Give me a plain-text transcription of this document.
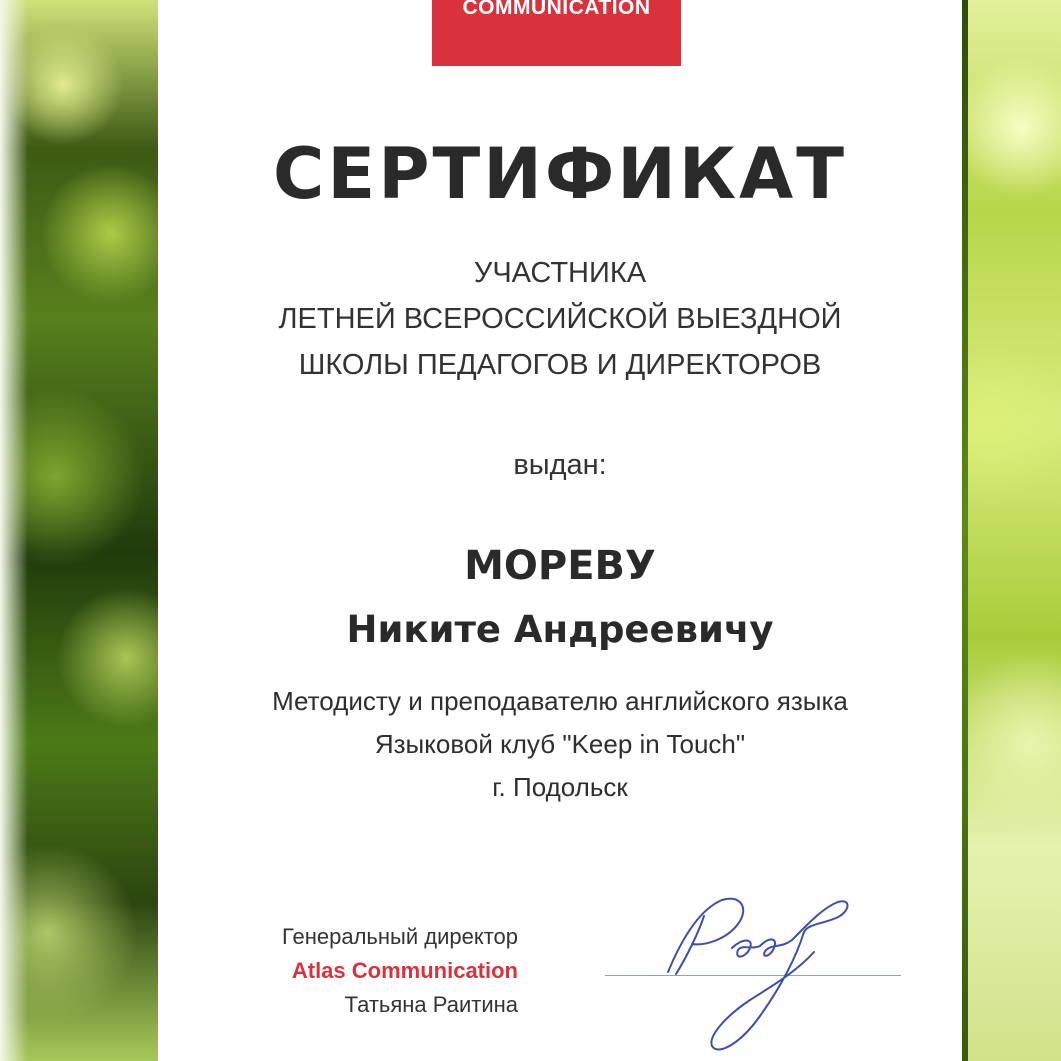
COMMUNICATION
СЕРТИФИКАТ
УЧАСТНИКА
ЛЕТНЕЙ ВСЕРОССИЙСКОЙ ВЫЕЗДНОЙ
ШКОЛЫ ПЕДАГОГОВ И ДИРЕКТОРОВ
выдан:
МОРЕВУ
Никите Андреевичу
Методисту и преподавателю английского языка
Языковой клуб "Keep in Touch"
г. Подольск
Генеральный директор
Atlas Communication
Татьяна Раитина
